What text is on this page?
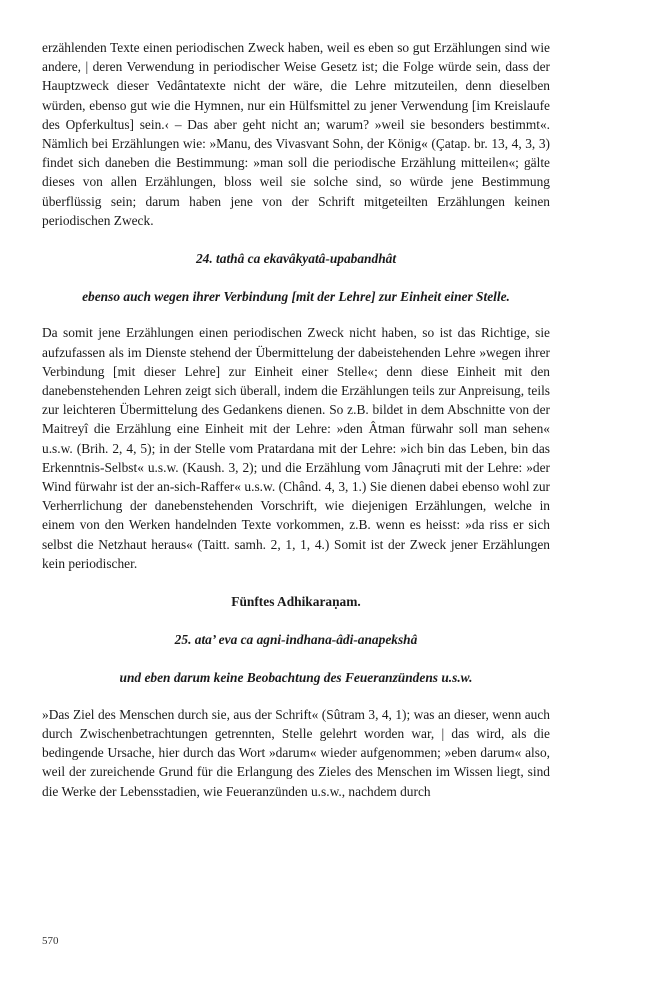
erzählenden Texte einen periodischen Zweck haben, weil es eben so gut Erzählungen sind wie andere, | deren Verwendung in periodischer Weise Gesetz ist; die Folge würde sein, dass der Hauptzweck dieser Vedântatexte nicht der wäre, die Lehre mitzuteilen, denn dieselben würden, ebenso gut wie die Hymnen, nur ein Hülfsmittel zu jener Verwendung [im Kreislaufe des Opferkultus] sein.‹ – Das aber geht nicht an; warum? »weil sie besonders bestimmt«. Nämlich bei Erzählungen wie: »Manu, des Vivasvant Sohn, der König« (Çatap. br. 13, 4, 3, 3) findet sich daneben die Bestimmung: »man soll die periodische Erzählung mitteilen«; gälte dieses von allen Erzählungen, bloss weil sie solche sind, so würde jene Bestimmung überflüssig sein; darum haben jene von der Schrift mitgeteilten Erzählungen keinen periodischen Zweck.

24. tathâ ca ekavâkyatâ-upabandhât

ebenso auch wegen ihrer Verbindung [mit der Lehre] zur Einheit einer Stelle.

Da somit jene Erzählungen einen periodischen Zweck nicht haben, so ist das Richtige, sie aufzufassen als im Dienste stehend der Übermittelung der dabeistehenden Lehre »wegen ihrer Verbindung [mit dieser Lehre] zur Einheit einer Stelle«; denn diese Einheit mit den danebenstehenden Lehren zeigt sich überall, indem die Erzählungen teils zur Anpreisung, teils zur leichteren Übermittelung des Gedankens dienen. So z.B. bildet in dem Abschnitte von der Maitreyî die Erzählung eine Einheit mit der Lehre: »den Âtman fürwahr soll man sehen« u.s.w. (Brih. 2, 4, 5); in der Stelle vom Pratardana mit der Lehre: »ich bin das Leben, bin das Erkenntnis-Selbst« u.s.w. (Kaush. 3, 2); und die Erzählung vom Jânaçruti mit der Lehre: »der Wind fürwahr ist der an-sich-Raffer« u.s.w. (Chând. 4, 3, 1.) Sie dienen dabei ebenso wohl zur Verherrlichung der danebenstehenden Vorschrift, wie diejenigen Erzählungen, welche in einem von den Werken handelnden Texte vorkommen, z.B. wenn es heisst: »da riss er sich selbst die Netzhaut heraus« (Taitt. samh. 2, 1, 1, 4.) Somit ist der Zweck jener Erzählungen kein periodischer.

Fünftes Adhikaraṇam.

25. ata’ eva ca agni-indhana-âdi-anapekshâ

und eben darum keine Beobachtung des Feueranzündens u.s.w.

»Das Ziel des Menschen durch sie, aus der Schrift« (Sûtram 3, 4, 1); was an dieser, wenn auch durch Zwischenbetrachtungen getrennten, Stelle gelehrt worden war, | das wird, als die bedingende Ursache, hier durch das Wort »darum« wieder aufgenommen; »eben darum« also, weil der zureichende Grund für die Erlangung des Zieles des Menschen im Wissen liegt, sind die Werke der Lebensstadien, wie Feueranzünden u.s.w., nachdem durch

570
